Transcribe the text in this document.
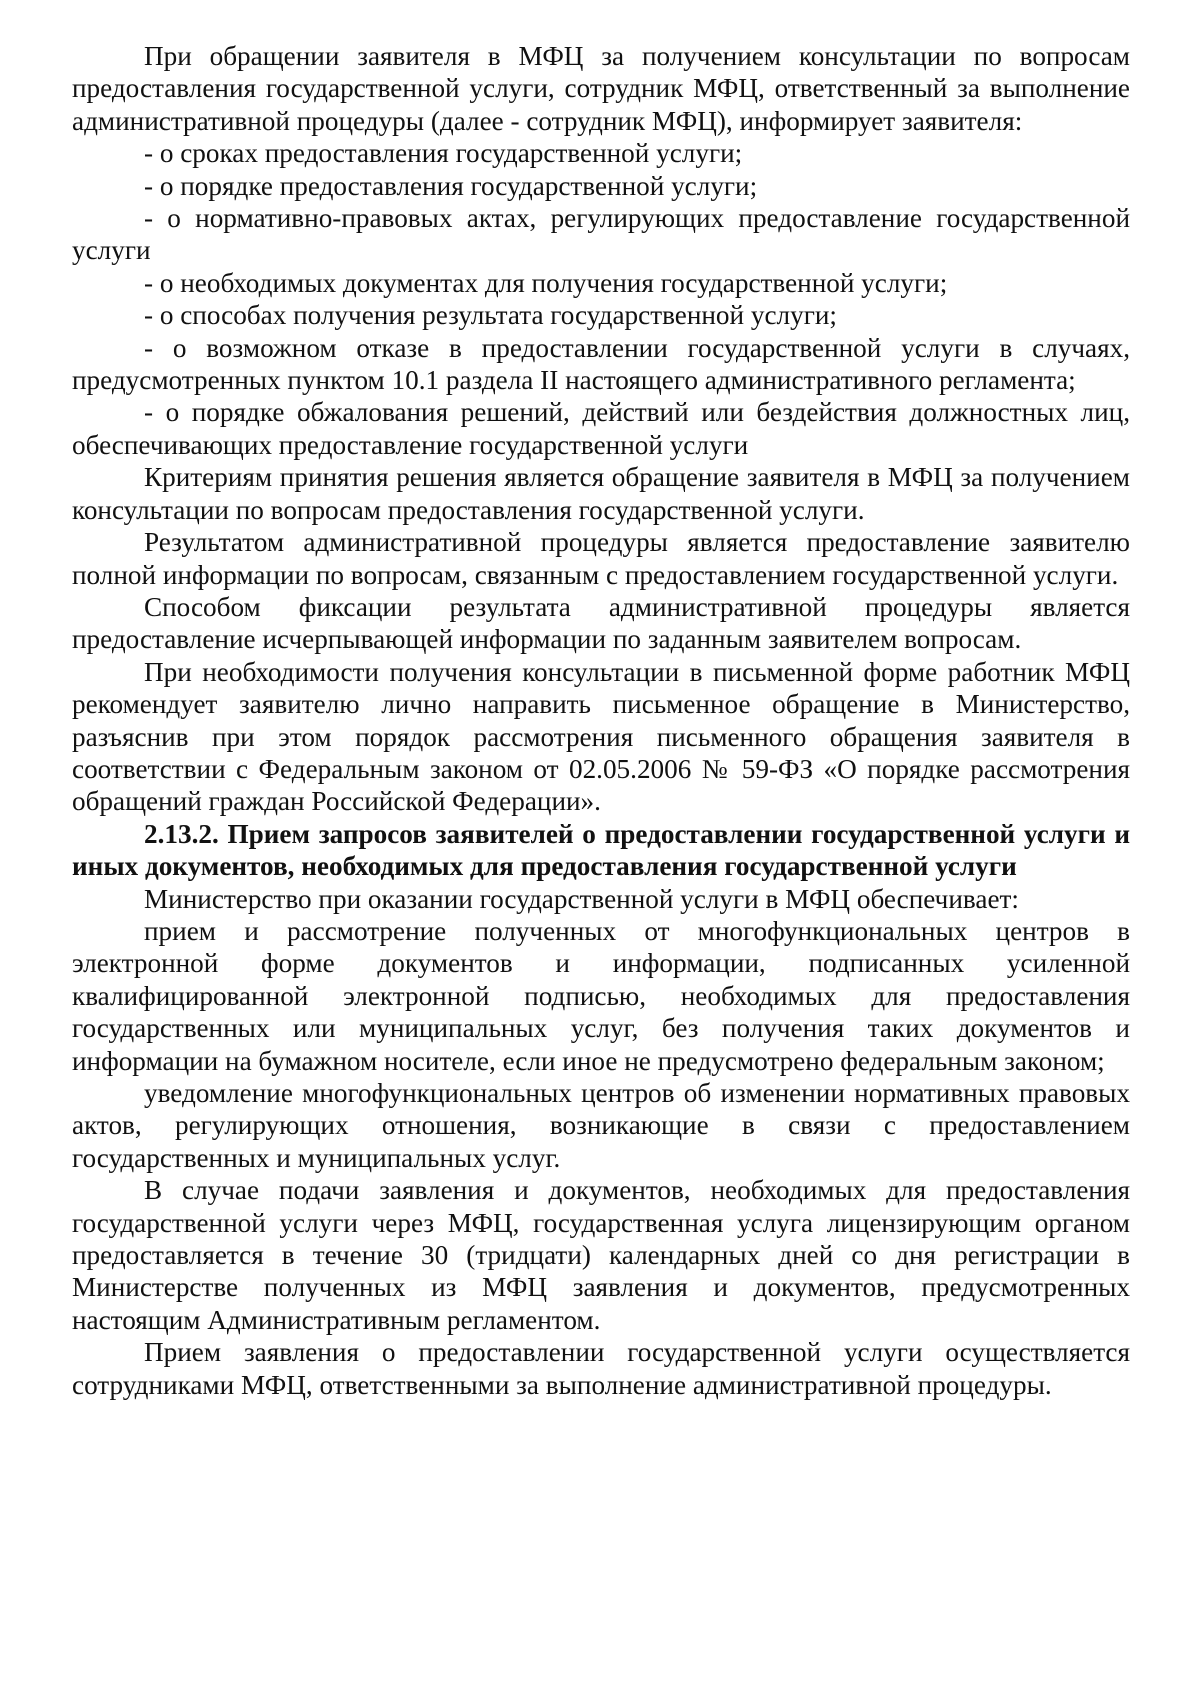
При обращении заявителя в МФЦ за получением консультации по вопросам предоставления государственной услуги, сотрудник МФЦ, ответственный за выполнение административной процедуры (далее - сотрудник МФЦ), информирует заявителя:

- о сроках предоставления государственной услуги;

- о порядке предоставления государственной услуги;

- о нормативно-правовых актах, регулирующих предоставление государственной услуги

- о необходимых документах для получения государственной услуги;

- о способах получения результата государственной услуги;

- о возможном отказе в предоставлении государственной услуги в случаях, предусмотренных пунктом 10.1 раздела II настоящего административного регламента;

- о порядке обжалования решений, действий или бездействия должностных лиц, обеспечивающих предоставление государственной услуги

Критериям принятия решения является обращение заявителя в МФЦ за получением консультации по вопросам предоставления государственной услуги.

Результатом административной процедуры является предоставление заявителю полной информации по вопросам, связанным с предоставлением государственной услуги.

Способом фиксации результата административной процедуры является предоставление исчерпывающей информации по заданным заявителем вопросам.

При необходимости получения консультации в письменной форме работник МФЦ рекомендует заявителю лично направить письменное обращение в Министерство, разъяснив при этом порядок рассмотрения письменного обращения заявителя в соответствии с Федеральным законом от 02.05.2006 № 59-ФЗ «О порядке рассмотрения обращений граждан Российской Федерации».

2.13.2. Прием запросов заявителей о предоставлении государственной услуги и иных документов, необходимых для предоставления государственной услуги

Министерство при оказании государственной услуги в МФЦ обеспечивает:

прием и рассмотрение полученных от многофункциональных центров в электронной форме документов и информации, подписанных усиленной квалифицированной электронной подписью, необходимых для предоставления государственных или муниципальных услуг, без получения таких документов и информации на бумажном носителе, если иное не предусмотрено федеральным законом;

уведомление многофункциональных центров об изменении нормативных правовых актов, регулирующих отношения, возникающие в связи с предоставлением государственных и муниципальных услуг.

В случае подачи заявления и документов, необходимых для предоставления государственной услуги через МФЦ, государственная услуга лицензирующим органом предоставляется в течение 30 (тридцати) календарных дней со дня регистрации в Министерстве полученных из МФЦ заявления и документов, предусмотренных настоящим Административным регламентом.

Прием заявления о предоставлении государственной услуги осуществляется сотрудниками МФЦ, ответственными за выполнение административной процедуры.
